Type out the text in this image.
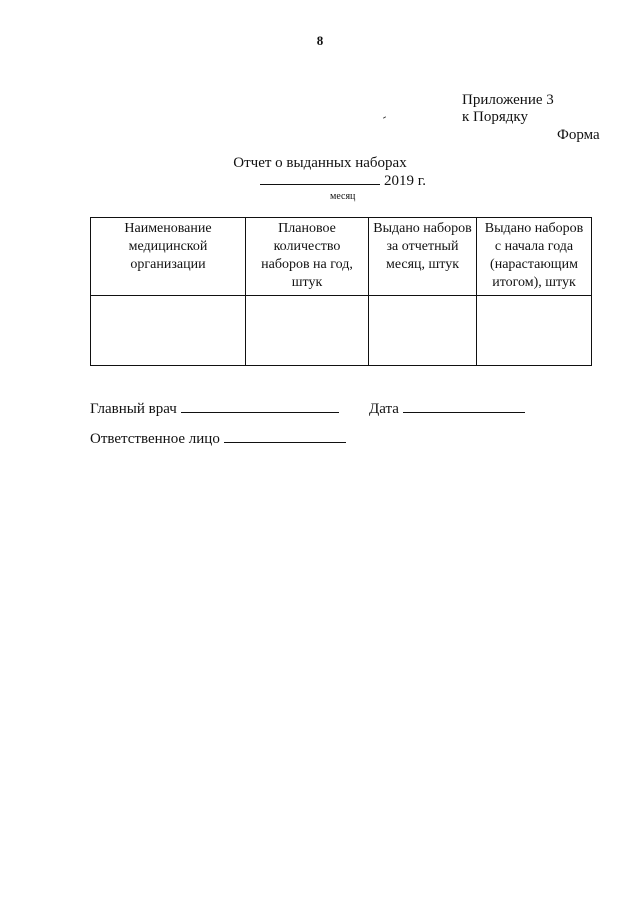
8
Приложение 3
к Порядку
Форма
Отчет о выданных наборах
2019 г.
месяц
Наименование медицинской организации	Плановое количество наборов на год, штук	Выдано наборов за отчетный месяц, штук	Выдано наборов с начала года (нарастающим итогом), штук

Главный врач	Дата
Ответственное лицо
